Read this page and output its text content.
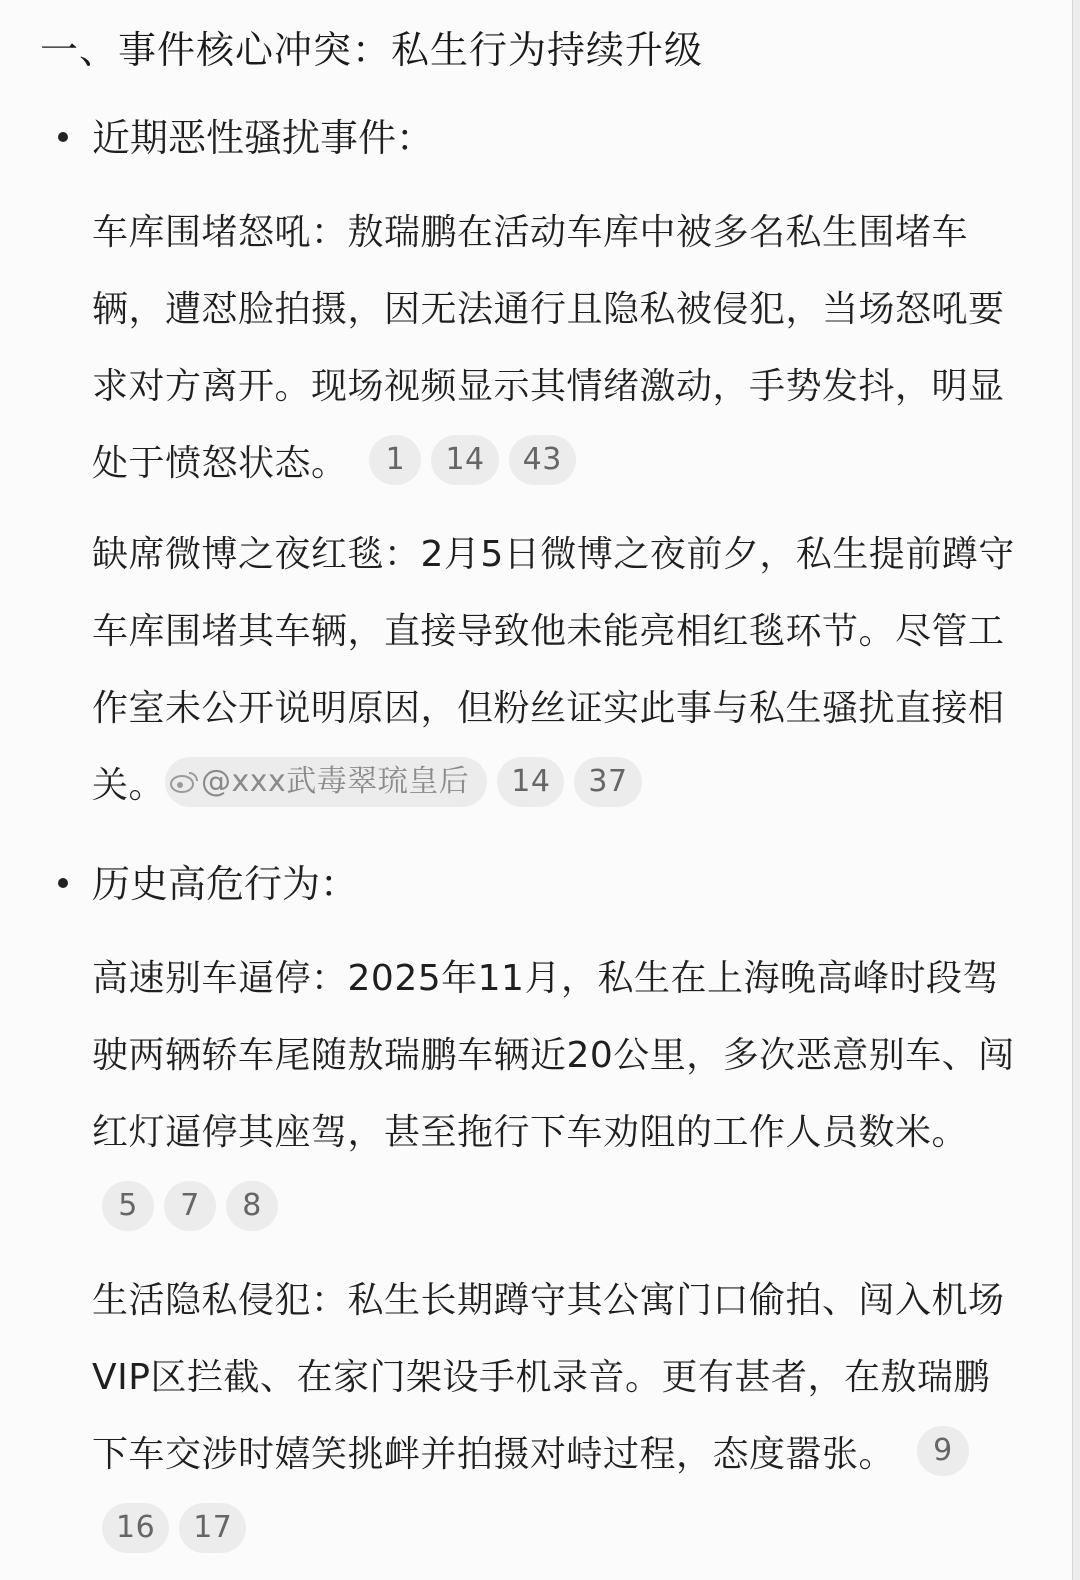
一、事件核心冲突：私生行为持续升级
近期恶性骚扰事件：
车库围堵怒吼：敖瑞鹏在活动车库中被多名私生围堵车辆，遭怼脸拍摄，因无法通行且隐私被侵犯，当场怒吼要求对方离开。现场视频显示其情绪激动，手势发抖，明显处于愤怒状态。 1 14 43
缺席微博之夜红毯：2月5日微博之夜前夕，私生提前蹲守车库围堵其车辆，直接导致他未能亮相红毯环节。尽管工作室未公开说明原因，但粉丝证实此事与私生骚扰直接相关。 @xxx武毒翠琉皇后 14 37
历史高危行为：
高速别车逼停：2025年11月，私生在上海晚高峰时段驾驶两辆轿车尾随敖瑞鹏车辆近20公里，多次恶意别车、闯红灯逼停其座驾，甚至拖行下车劝阻的工作人员数米。 5 7 8
生活隐私侵犯：私生长期蹲守其公寓门口偷拍、闯入机场VIP区拦截、在家门架设手机录音。更有甚者，在敖瑞鹏下车交涉时嬉笑挑衅并拍摄对峙过程，态度嚣张。 916 17
